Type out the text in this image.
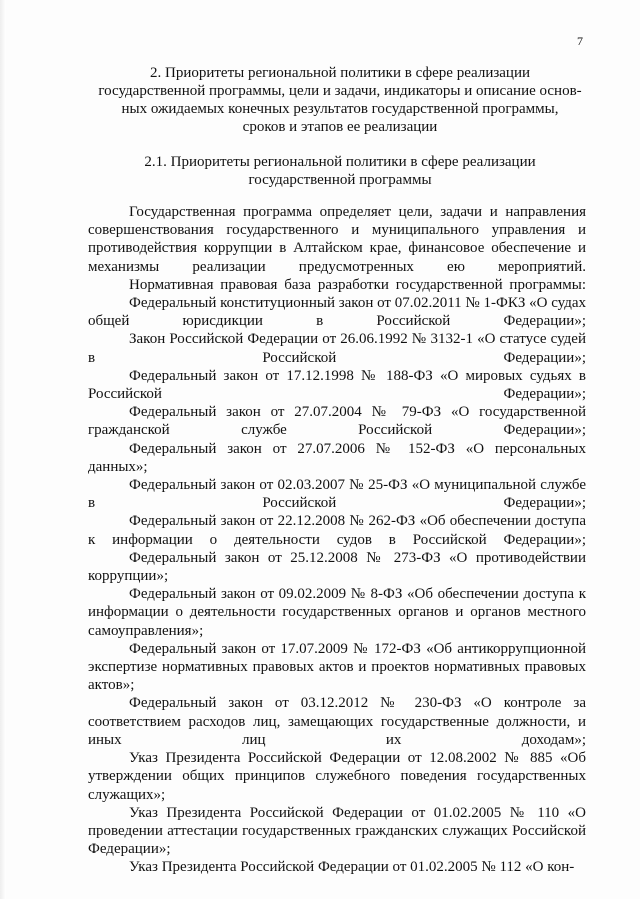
7
2. Приоритеты региональной политики в сфере реализации
государственной программы, цели и задачи, индикаторы и описание основ-
ных ожидаемых конечных результатов государственной программы,
сроков и этапов ее реализации
2.1. Приоритеты региональной политики в сфере реализации
государственной программы

Государственная программа определяет цели, задачи и направления совершенствования государственного и муниципального управления и противодействия коррупции в Алтайском крае, финансовое обеспечение и механизмы реализации предусмотренных ею мероприятий.

Нормативная правовая база разработки государственной программы:

Федеральный конституционный закон от 07.02.2011 № 1-ФКЗ «О судах общей юрисдикции в Российской Федерации»;

Закон Российской Федерации от 26.06.1992 № 3132-1 «О статусе судей в Российской Федерации»;

Федеральный закон от 17.12.1998 № 188-ФЗ «О мировых судьях в Российской Федерации»;

Федеральный закон от 27.07.2004 № 79-ФЗ «О государственной гражданской службе Российской Федерации»;

Федеральный закон от 27.07.2006 № 152-ФЗ «О персональных данных»;

Федеральный закон от 02.03.2007 № 25-ФЗ «О муниципальной службе в Российской Федерации»;

Федеральный закон от 22.12.2008 № 262-ФЗ «Об обеспечении доступа к информации о деятельности судов в Российской Федерации»;

Федеральный закон от 25.12.2008 № 273-ФЗ «О противодействии коррупции»;

Федеральный закон от 09.02.2009 № 8-ФЗ «Об обеспечении доступа к информации о деятельности государственных органов и органов местного самоуправления»;

Федеральный закон от 17.07.2009 № 172-ФЗ «Об антикоррупционной экспертизе нормативных правовых актов и проектов нормативных правовых актов»;

Федеральный закон от 03.12.2012 № 230-ФЗ «О контроле за соответствием расходов лиц, замещающих государственные должности, и иных лиц их доходам»;

Указ Президента Российской Федерации от 12.08.2002 № 885 «Об утверждении общих принципов служебного поведения государственных служащих»;

Указ Президента Российской Федерации от 01.02.2005 № 110 «О проведении аттестации государственных гражданских служащих Российской Федерации»;

Указ Президента Российской Федерации от 01.02.2005 № 112 «О кон-
